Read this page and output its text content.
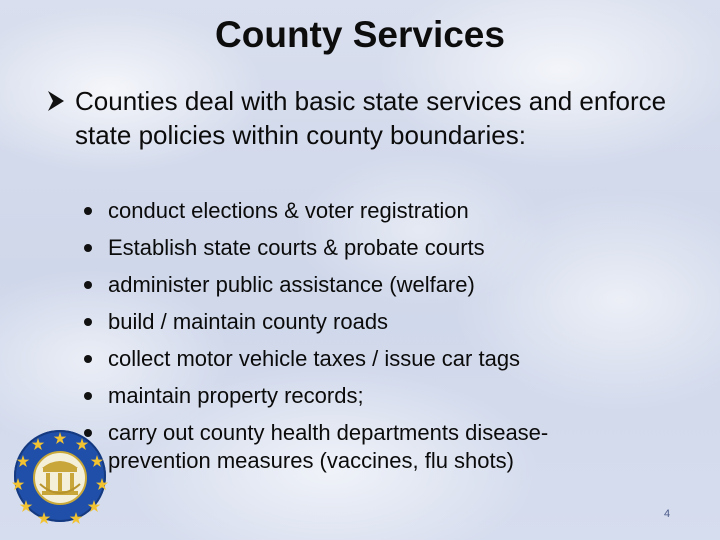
County Services
Counties deal with basic state services and enforce state policies within county boundaries:
conduct elections & voter registration
Establish state courts & probate courts
administer public assistance (welfare)
build / maintain county roads
collect motor vehicle taxes / issue car tags
maintain property records;
carry out county health departments disease-
prevention measures (vaccines, flu shots)
4
